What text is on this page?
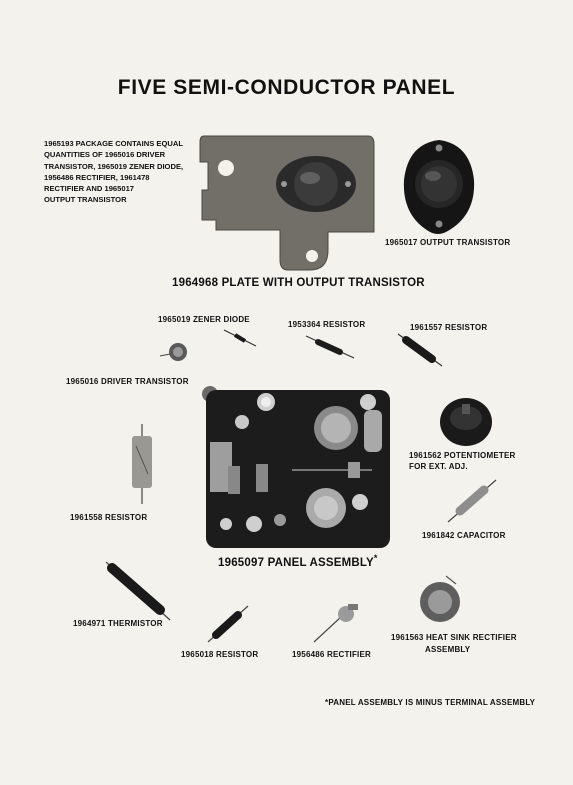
FIVE SEMI-CONDUCTOR PANEL
1965193 PACKAGE CONTAINS EQUAL
QUANTITIES OF 1965016 DRIVER
TRANSISTOR, 1965019 ZENER DIODE,
1956486 RECTIFIER, 1961478
RECTIFIER AND 1965017
OUTPUT TRANSISTOR
1965017 OUTPUT TRANSISTOR
1964968 PLATE WITH OUTPUT TRANSISTOR
1965019 ZENER DIODE
1953364 RESISTOR	1961557 RESISTOR
1965016 DRIVER TRANSISTOR
1965097 PANEL ASSEMBLY*
1961562 POTENTIOMETER
FOR EXT. ADJ.
1961558 RESISTOR
1961842 CAPACITOR
1964971 THERMISTOR
1965018 RESISTOR	1956486 RECTIFIER
1961563 HEAT SINK RECTIFIER
ASSEMBLY
*PANEL ASSEMBLY IS MINUS TERMINAL ASSEMBLY
